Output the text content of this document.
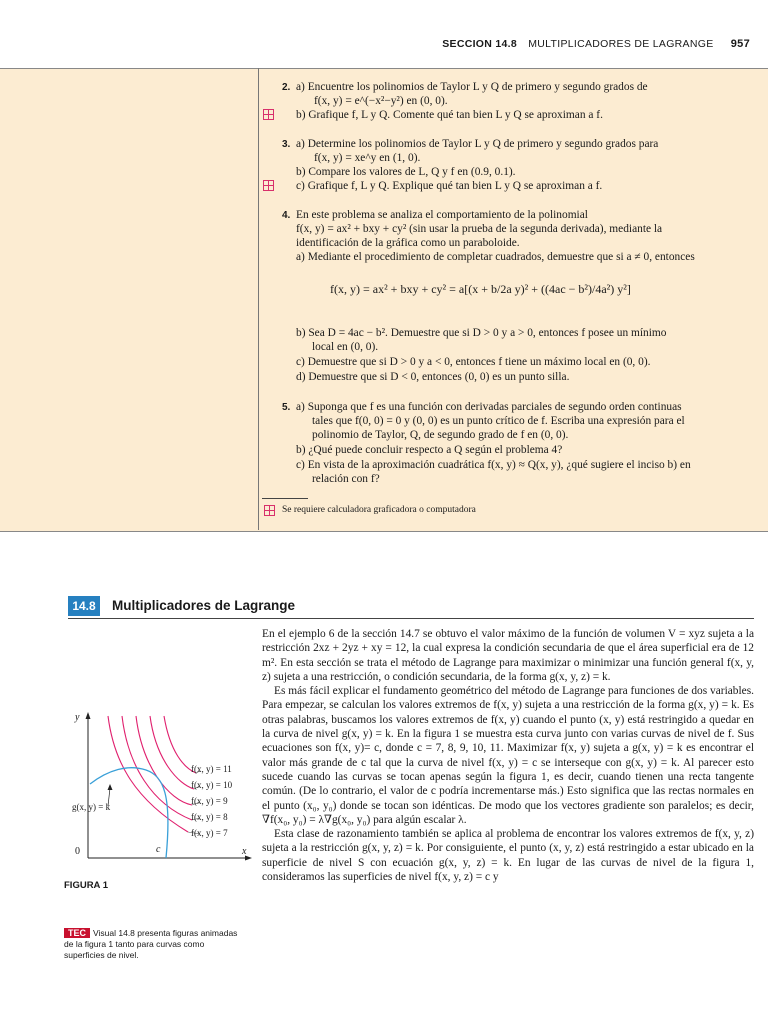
SECCION 14.8 MULTIPLICADORES DE LAGRANGE 957
2. a) Encuentre los polinomios de Taylor L y Q de primero y segundo grados de
f(x, y) = e^(−x²−y²) en (0, 0).
b) Grafique f, L y Q. Comente qué tan bien L y Q se aproximan a f.
3. a) Determine los polinomios de Taylor L y Q de primero y segundo grados para
f(x, y) = xe^y en (1, 0).
b) Compare los valores de L, Q y f en (0.9, 0.1).
c) Grafique f, L y Q. Explique qué tan bien L y Q se aproximan a f.
4. En este problema se analiza el comportamiento de la polinomial
f(x, y) = ax² + bxy + cy² (sin usar la prueba de la segunda derivada), mediante la
identificación de la gráfica como un paraboloide.
a) Mediante el procedimiento de completar cuadrados, demuestre que si a ≠ 0, entonces
f(x, y) = ax² + bxy + cy² = a[(x + b/2a y)² + ((4ac − b²)/4a²) y²]
b) Sea D = 4ac − b². Demuestre que si D > 0 y a > 0, entonces f posee un mínimo
local en (0, 0).
c) Demuestre que si D > 0 y a < 0, entonces f tiene un máximo local en (0, 0).
d) Demuestre que si D < 0, entonces (0, 0) es un punto silla.
5. a) Suponga que f es una función con derivadas parciales de segundo orden continuas
tales que f(0, 0) = 0 y (0, 0) es un punto crítico de f. Escriba una expresión para el
polinomio de Taylor, Q, de segundo grado de f en (0, 0).
b) ¿Qué puede concluir respecto a Q según el problema 4?
c) En vista de la aproximación cuadrática f(x, y) ≈ Q(x, y), ¿qué sugiere el inciso b) en
relación con f?
Se requiere calculadora graficadora o computadora
14.8	Multiplicadores de Lagrange

En el ejemplo 6 de la sección 14.7 se obtuvo el valor máximo de la función de volumen V = xyz sujeta a la restricción 2xz + 2yz + xy = 12, la cual expresa la condición secundaria de que el área superficial era de 12 m². En esta sección se trata el método de Lagrange para maximizar o minimizar una función general f(x, y, z) sujeta a una restricción, o condición secundaria, de la forma g(x, y, z) = k.

Es más fácil explicar el fundamento geométrico del método de Lagrange para funciones de dos variables. Para empezar, se calculan los valores extremos de f(x, y) sujeta a una restricción de la forma g(x, y) = k. Es otras palabras, buscamos los valores extremos de f(x, y) cuando el punto (x, y) está restringido a quedar en la curva de nivel g(x, y) = k. En la figura 1 se muestra esta curva junto con varias curvas de nivel de f. Sus ecuaciones son f(x, y)= c, donde c = 7, 8, 9, 10, 11. Maximizar f(x, y) sujeta a g(x, y) = k es encontrar el valor más grande de c tal que la curva de nivel f(x, y) = c se interseque con g(x, y) = k. Al parecer esto sucede cuando las curvas se tocan apenas según la figura 1, es decir, cuando tienen una recta tangente común. (De lo contrario, el valor de c podría incrementarse más.) Esto significa que las rectas normales en el punto (x₀, y₀) donde se tocan son idénticas. De modo que los vectores gradiente son paralelos; es decir, ∇f(x₀, y₀) = λ∇g(x₀, y₀) para algún escalar λ.

Esta clase de razonamiento también se aplica al problema de encontrar los valores extremos de f(x, y, z) sujeta a la restricción g(x, y, z) = k. Por consiguiente, el punto (x, y, z) está restringido a estar ubicado en la superficie de nivel S con ecuación g(x, y, z) = k. En lugar de las curvas de nivel de la figura 1, consideramos las superficies de nivel f(x, y, z) = c y

y
x
0	c
g(x, y) = k
f(x, y) = 11
f(x, y) = 10
f(x, y) = 9
f(x, y) = 8
f(x, y) = 7
FIGURA 1
TEC Visual 14.8 presenta figuras animadas de la figura 1 tanto para curvas como superficies de nivel.
